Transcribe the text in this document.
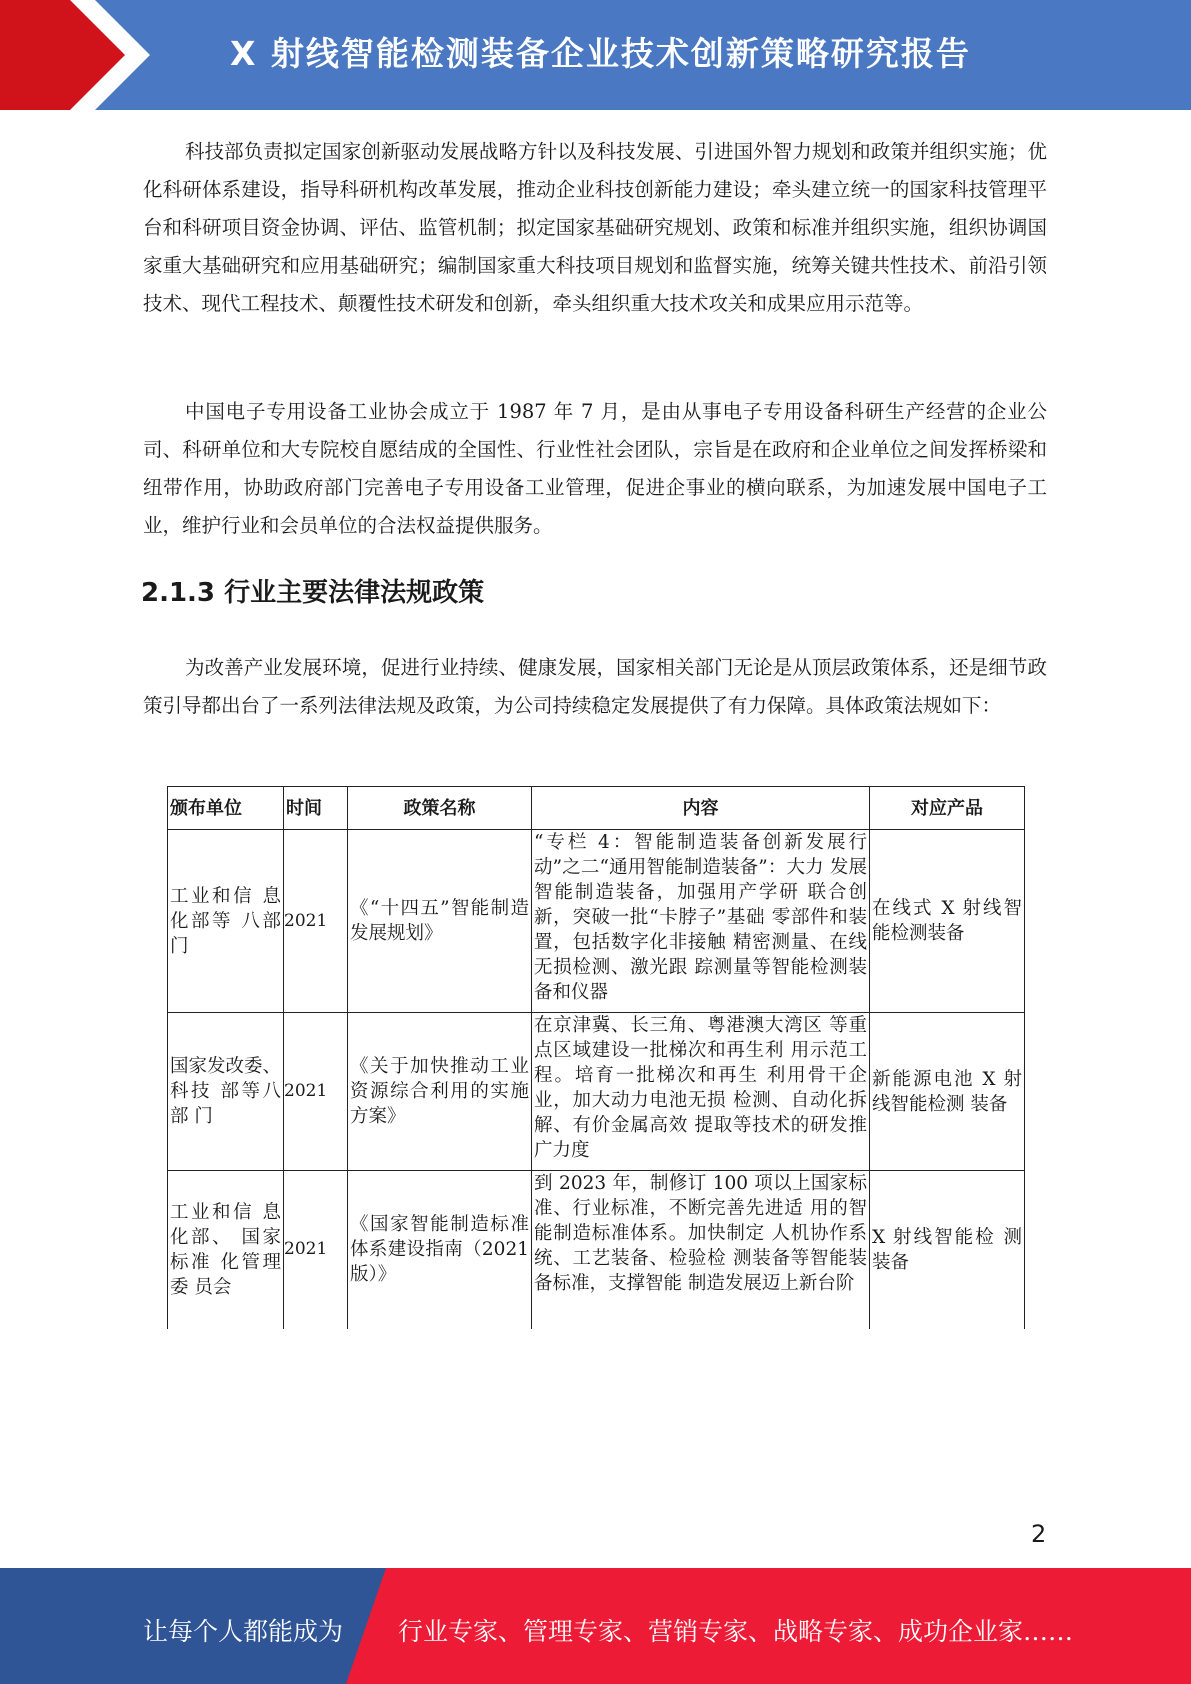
X 射线智能检测装备企业技术创新策略研究报告

科技部负责拟定国家创新驱动发展战略方针以及科技发展、引进国外智力规划和政策并组织实施；优化科研体系建设，指导科研机构改革发展，推动企业科技创新能力建设；牵头建立统一的国家科技管理平台和科研项目资金协调、评估、监管机制；拟定国家基础研究规划、政策和标准并组织实施，组织协调国家重大基础研究和应用基础研究；编制国家重大科技项目规划和监督实施，统筹关键共性技术、前沿引领技术、现代工程技术、颠覆性技术研发和创新，牵头组织重大技术攻关和成果应用示范等。

中国电子专用设备工业协会成立于 1987 年 7 月，是由从事电子专用设备科研生产经营的企业公司、科研单位和大专院校自愿结成的全国性、行业性社会团队，宗旨是在政府和企业单位之间发挥桥梁和纽带作用，协助政府部门完善电子专用设备工业管理，促进企事业的横向联系，为加速发展中国电子工业，维护行业和会员单位的合法权益提供服务。

2.1.3 行业主要法律法规政策

为改善产业发展环境，促进行业持续、健康发展，国家相关部门无论是从顶层政策体系，还是细节政策引导都出台了一系列法律法规及政策，为公司持续稳定发展提供了有力保障。具体政策法规如下：

颁布单位	时间	政策名称	内容	对应产品
工业和信 息化部等 八部门	2021	《“十四五”智能制造发展规划》	“专栏 4：智能制造装备创新发展行 动”之二“通用智能制造装备”：大力 发展智能制造装备，加强用产学研 联合创新，突破一批“卡脖子”基础 零部件和装置，包括数字化非接触 精密测量、在线无损检测、激光跟 踪测量等智能检测装备和仪器	在线式 X 射线智能检测装备
国家发改委、科技 部等八部 门	2021	《关于加快推动工业资源综合利用的实施方案》	在京津冀、长三角、粤港澳大湾区 等重点区域建设一批梯次和再生利 用示范工程。培育一批梯次和再生 利用骨干企业，加大动力电池无损 检测、自动化拆解、有价金属高效 提取等技术的研发推广力度	新能源电池 X 射线智能检测 装备
工业和信 息化部、 国家标准 化管理委 员会	2021	《国家智能制造标准体系建设指南（2021 版）》	到 2023 年，制修订 100 项以上国家标准、行业标准，不断完善先进适 用的智能制造标准体系。加快制定 人机协作系统、工艺装备、检验检 测装备等智能装备标准，支撑智能 制造发展迈上新台阶	X 射线智能检 测装备
2
让每个人都能成为 行业专家、管理专家、营销专家、战略专家、成功企业家……
